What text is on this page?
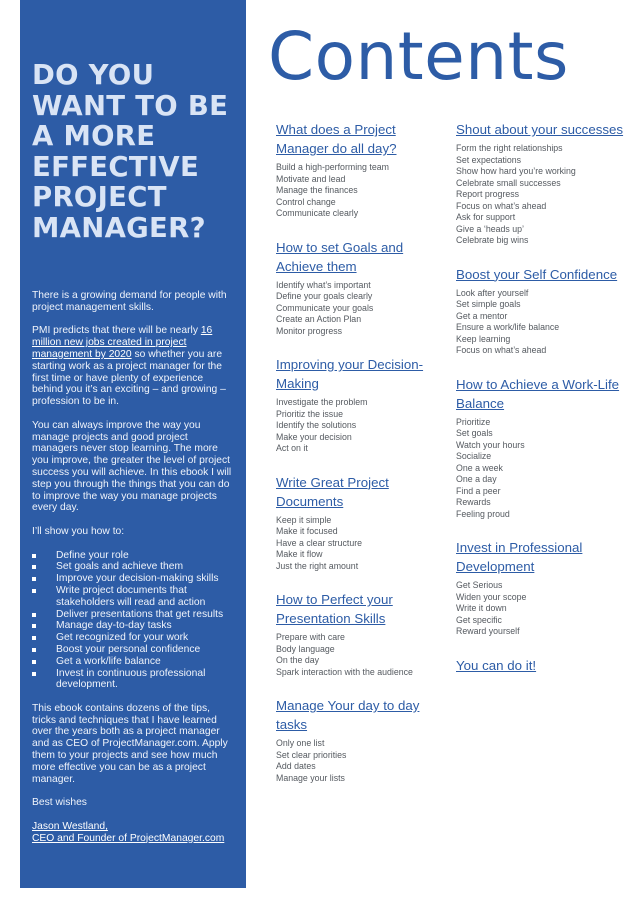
DO YOU WANT TO BE A MORE EFFECTIVE PROJECT MANAGER?

There is a growing demand for people with project management skills.

PMI predicts that there will be nearly 16 million new jobs created in project management by 2020 so whether you are starting work as a project manager for the first time or have plenty of experience behind you it’s an exciting – and growing – profession to be in.

You can always improve the way you manage projects and good project managers never stop learning. The more you improve, the greater the level of project success you will achieve. In this ebook I will step you through the things that you can do to improve the way you manage projects every day.

I’ll show you how to:

Define your role
Set goals and achieve them
Improve your decision-making skills
Write project documents that stakeholders will read and action
Deliver presentations that get results
Manage day-to-day tasks
Get recognized for your work
Boost your personal confidence
Get a work/life balance
Invest in continuous professional development.

This ebook contains dozens of the tips, tricks and techniques that I have learned over the years both as a project manager and as CEO of ProjectManager.com. Apply them to your projects and see how much more effective you can be as a project manager.

Best wishes

Jason Westland,
CEO and Founder of ProjectManager.com
Contents
What does a Project Manager do all day?
Build a high-performing team
Motivate and lead
Manage the finances
Control change
Communicate clearly
How to set Goals and Achieve them
Identify what’s important
Define your goals clearly
Communicate your goals
Create an Action Plan
Monitor progress
Improving your Decision-Making
Investigate the problem
Prioritiz the issue
Identify the solutions
Make your decision
Act on it
Write Great Project Documents
Keep it simple
Make it focused
Have a clear structure
Make it flow
Just the right amount
How to Perfect your Presentation Skills
Prepare with care
Body language
On the day
Spark interaction with the audience
Manage Your day to day tasks
Only one list
Set clear priorities
Add dates
Manage your lists
Shout about your successes
Form the right relationships
Set expectations
Show how hard you’re working
Celebrate small successes
Report progress
Focus on what’s ahead
Ask for support
Give a ‘heads up’
Celebrate big wins
Boost your Self Confidence
Look after yourself
Set simple goals
Get a mentor
Ensure a work/life balance
Keep learning
Focus on what’s ahead
How to Achieve a Work-Life Balance
Prioritize
Set goals
Watch your hours
Socialize
One a week
One a day
Find a peer
Rewards
Feeling proud
Invest in Professional Development
Get Serious
Widen your scope
Write it down
Get specific
Reward yourself
You can do it!
